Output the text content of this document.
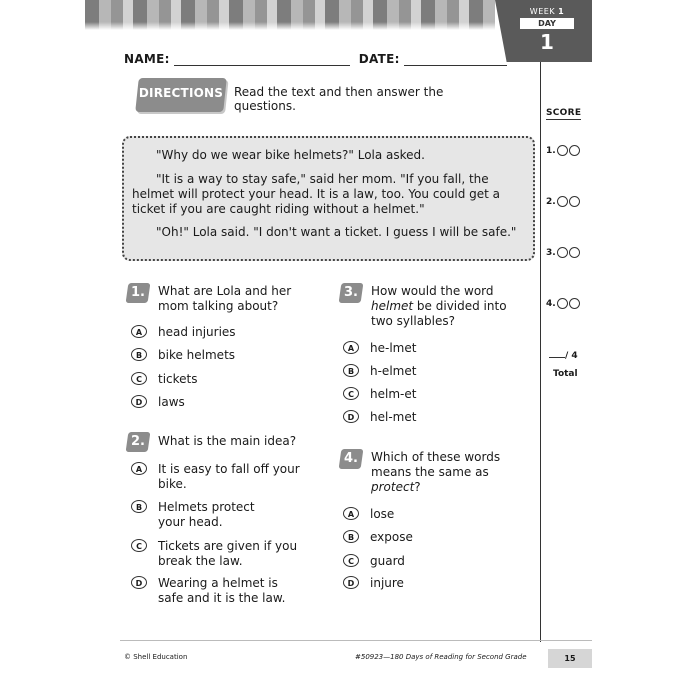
WEEK 1
DAY
1
NAME:	DATE:
DIRECTIONS Read the text and then answer the questions.	SCORE
1.
2.
3.
4.
/ 4
Total

"Why do we wear bike helmets?" Lola asked.

"It is a way to stay safe," said her mom. "If you fall, the helmet will protect your head. It is a law, too. You could get a ticket if you are caught riding without a helmet."

"Oh!" Lola said. "I don't want a ticket. I guess I will be safe."

1.	What are Lola and her mom talking about?
A	head injuries
B	bike helmets
C	tickets
D	laws
2.	What is the main idea?
A	It is easy to fall off your bike.
B	Helmets protect your head.
C	Tickets are given if you break the law.
D	Wearing a helmet is safe and it is the law.
3.	How would the word helmet be divided into two syllables?
A	he-lmet
B	h-elmet
C	helm-et
D	hel-met
4.	Which of these words means the same as protect?
A	lose
B	expose
C	guard
D	injure
© Shell Education	#50923—180 Days of Reading for Second Grade	15
